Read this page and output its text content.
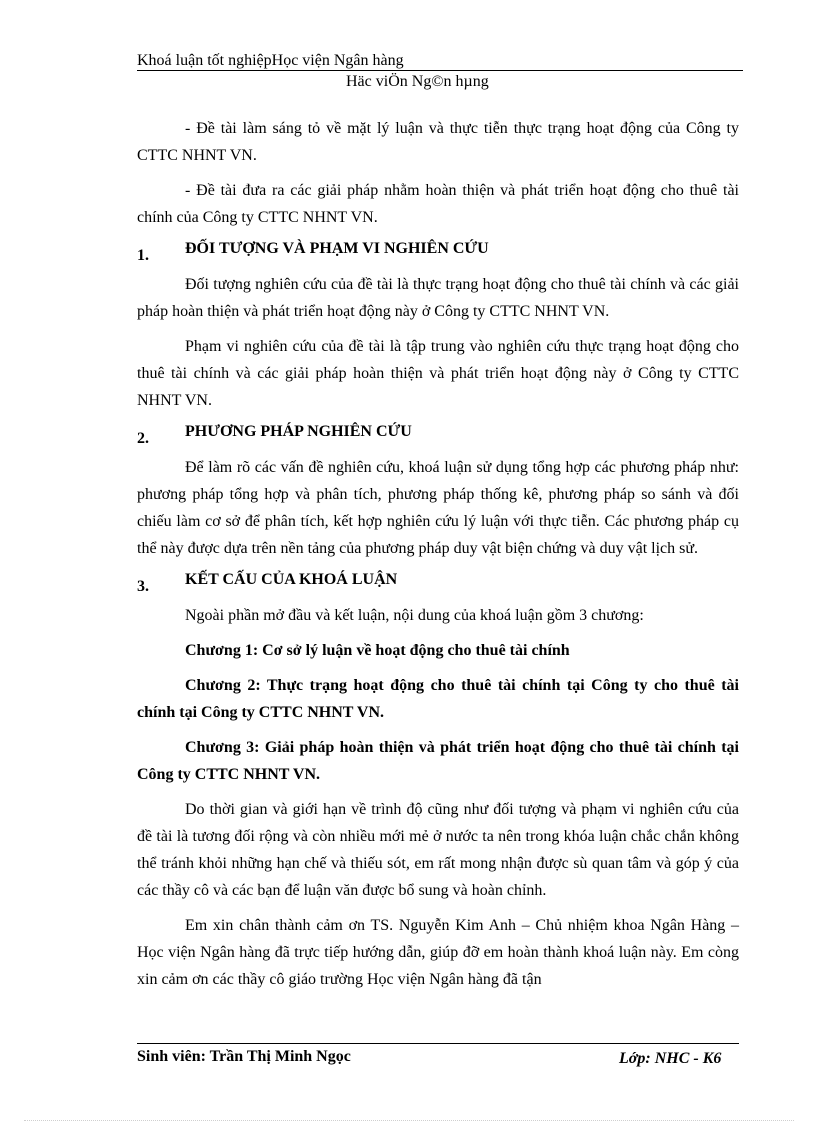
Khoá luận tốt nghiệpHọc viện Ngân hàng
Häc viÖn Ng©n hµng

- Đề tài làm sáng tỏ về mặt lý luận và thực tiễn thực trạng hoạt động của Công ty CTTC NHNT VN.

- Đề tài đưa ra các giải pháp nhằm hoàn thiện và phát triển hoạt động cho thuê tài chính của Công ty CTTC NHNT VN.

1. ĐỐI TƯỢNG VÀ PHẠM VI NGHIÊN CỨU

Đối tượng nghiên cứu của đề tài là thực trạng hoạt động cho thuê tài chính và các giải pháp hoàn thiện và phát triển hoạt động này ở Công ty CTTC NHNT VN.

Phạm vi nghiên cứu của đề tài là tập trung vào nghiên cứu thực trạng hoạt động cho thuê tài chính và các giải pháp hoàn thiện và phát triển hoạt động này ở Công ty CTTC NHNT VN.

2. PHƯƠNG PHÁP NGHIÊN CỨU

Để làm rõ các vấn đề nghiên cứu, khoá luận sử dụng tổng hợp các phương pháp như: phương pháp tổng hợp và phân tích, phương pháp thống kê, phương pháp so sánh và đối chiếu làm cơ sở để phân tích, kết hợp nghiên cứu lý luận với thực tiễn. Các phương pháp cụ thể này được dựa trên nền tảng của phương pháp duy vật biện chứng và duy vật lịch sử.

3. KẾT CẤU CỦA KHOÁ LUẬN

Ngoài phần mở đầu và kết luận, nội dung của khoá luận gồm 3 chương:

Chương 1: Cơ sở lý luận về hoạt động cho thuê tài chính

Chương 2: Thực trạng hoạt động cho thuê tài chính tại Công ty cho thuê tài chính tại Công ty CTTC NHNT VN.

Chương 3: Giải pháp hoàn thiện và phát triển hoạt động cho thuê tài chính tại Công ty CTTC NHNT VN.

Do thời gian và giới hạn về trình độ cũng như đối tượng và phạm vi nghiên cứu của đề tài là tương đối rộng và còn nhiều mới mẻ ở nước ta nên trong khóa luận chắc chắn không thể tránh khỏi những hạn chế và thiếu sót, em rất mong nhận được sù quan tâm và góp ý của các thầy cô và các bạn để luận văn được bổ sung và hoàn chỉnh.

Em xin chân thành cảm ơn TS. Nguyễn Kim Anh – Chủ nhiệm khoa Ngân Hàng – Học viện Ngân hàng đã trực tiếp hướng dẫn, giúp đỡ em hoàn thành khoá luận này. Em còng xin cảm ơn các thầy cô giáo trường Học viện Ngân hàng đã tận

Sinh viên: Trần Thị Minh Ngọc	Lớp: NHC - K6
